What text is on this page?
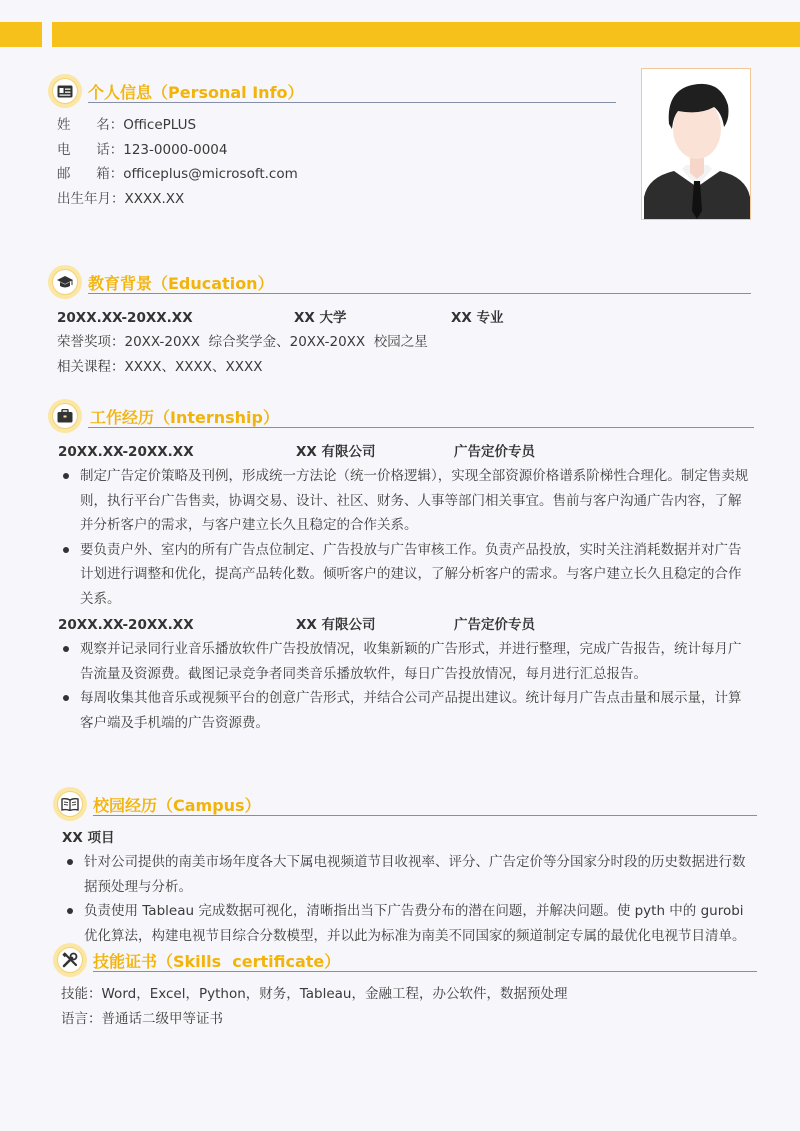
个人信息（Personal Info）
姓      名：OfficePLUS
电      话：123-0000-0004
邮      箱：officeplus@microsoft.com
出生年月：XXXX.XX
教育背景（Education）
20XX.XX-20XX.XX	XX 大学	XX 专业
荣誉奖项：20XX-20XX  综合奖学金、20XX-20XX  校园之星
相关课程：XXXX、XXXX、XXXX
工作经历（Internship）
20XX.XX-20XX.XX	XX 有限公司	广告定价专员
制定广告定价策略及刊例，形成统一方法论（统一价格逻辑），实现全部资源价格谱系阶梯性合理化。制定售卖规则，执行平台广告售卖，协调交易、设计、社区、财务、人事等部门相关事宜。售前与客户沟通广告内容，了解并分析客户的需求，与客户建立长久且稳定的合作关系。
要负责户外、室内的所有广告点位制定、广告投放与广告审核工作。负责产品投放，实时关注消耗数据并对广告计划进行调整和优化，提高产品转化数。倾听客户的建议，了解分析客户的需求。与客户建立长久且稳定的合作关系。
20XX.XX-20XX.XX	XX 有限公司	广告定价专员
观察并记录同行业音乐播放软件广告投放情况，收集新颖的广告形式，并进行整理，完成广告报告，统计每月广告流量及资源费。截图记录竞争者同类音乐播放软件，每日广告投放情况，每月进行汇总报告。
每周收集其他音乐或视频平台的创意广告形式，并结合公司产品提出建议。统计每月广告点击量和展示量，计算客户端及手机端的广告资源费。
校园经历（Campus）
XX 项目
针对公司提供的南美市场年度各大下属电视频道节目收视率、评分、广告定价等分国家分时段的历史数据进行数据预处理与分析。
负责使用 Tableau 完成数据可视化，清晰指出当下广告费分布的潜在问题，并解决问题。使 pyth 中的 gurobi 优化算法，构建电视节目综合分数模型，并以此为标准为南美不同国家的频道制定专属的最优化电视节目清单。
技能证书（Skills  certificate）
技能：Word，Excel，Python，财务，Tableau，金融工程，办公软件，数据预处理
语言：普通话二级甲等证书
